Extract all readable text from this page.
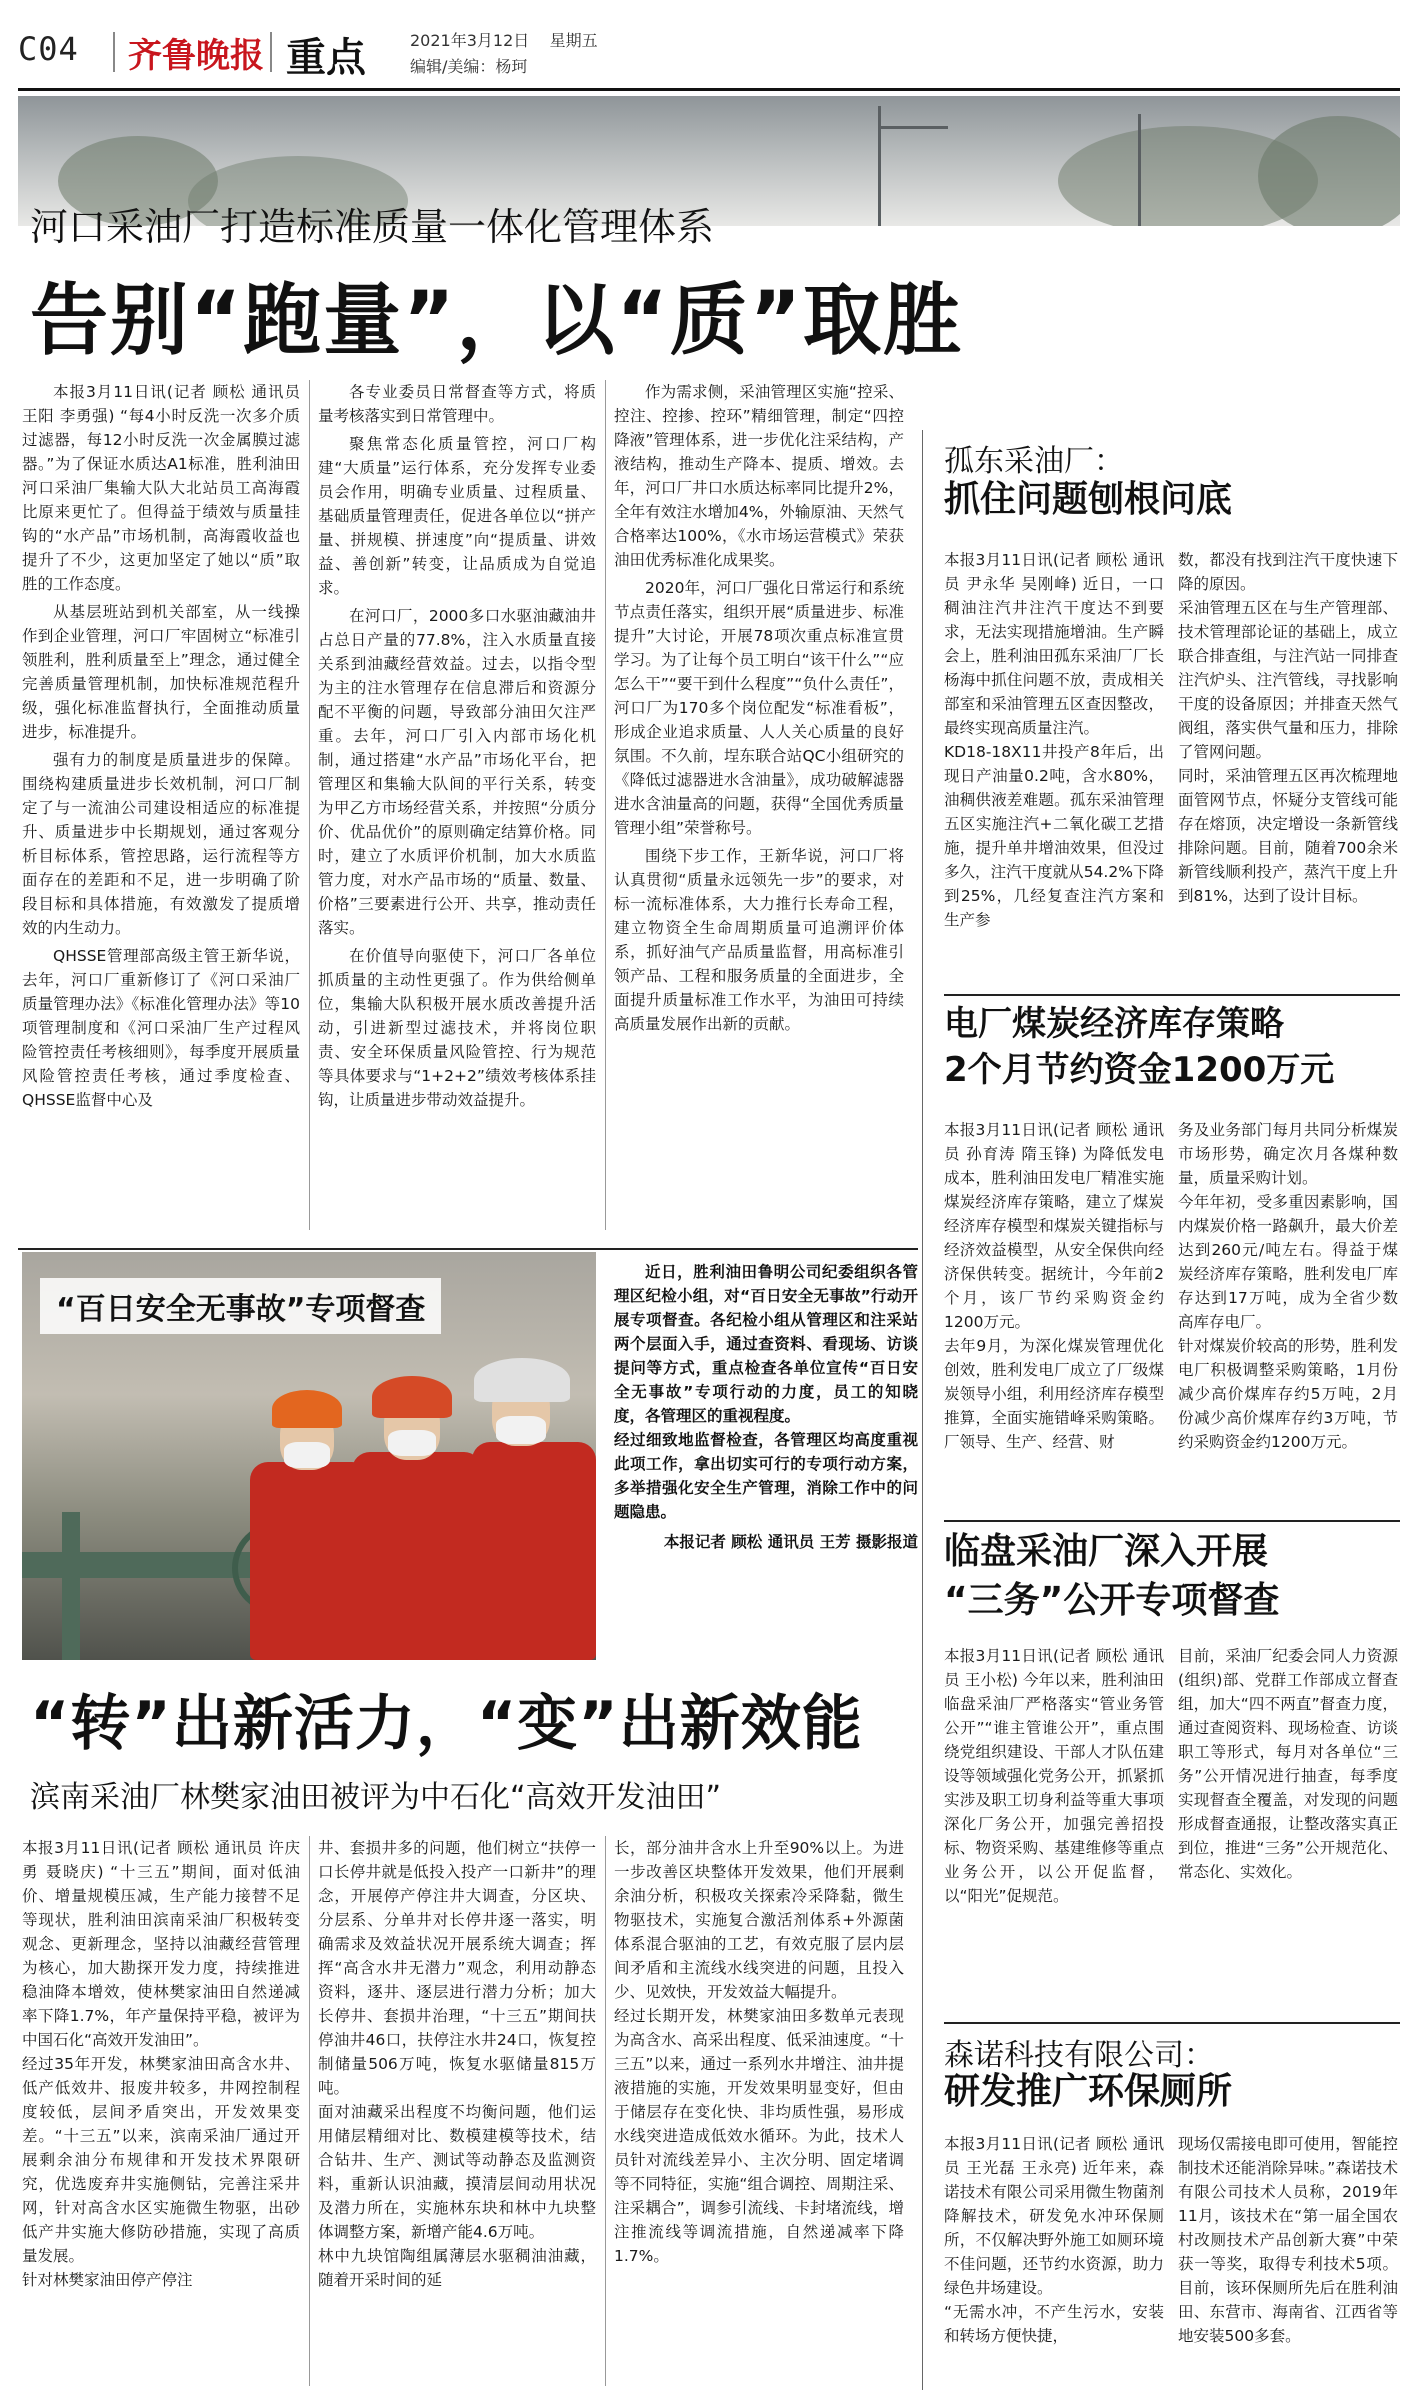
C04 齐鲁晚报 重点	2021年3月12日 星期五
编辑/美编：杨珂
河口采油厂打造标准质量一体化管理体系
告别“跑量”，以“质”取胜

本报3月11日讯(记者 顾松 通讯员 王阳 李勇强) “每4小时反洗一次多介质过滤器，每12小时反洗一次金属膜过滤器。”为了保证水质达A1标准，胜利油田河口采油厂集输大队大北站员工高海霞比原来更忙了。但得益于绩效与质量挂钩的“水产品”市场机制，高海霞收益也提升了不少，这更加坚定了她以“质”取胜的工作态度。

从基层班站到机关部室，从一线操作到企业管理，河口厂牢固树立“标准引领胜利，胜利质量至上”理念，通过健全完善质量管理机制，加快标准规范程升级，强化标准监督执行，全面推动质量进步，标准提升。

强有力的制度是质量进步的保障。围绕构建质量进步长效机制，河口厂制定了与一流油公司建设相适应的标准提升、质量进步中长期规划，通过客观分析目标体系，管控思路，运行流程等方面存在的差距和不足，进一步明确了阶段目标和具体措施，有效激发了提质增效的内生动力。

QHSSE管理部高级主管王新华说，去年，河口厂重新修订了《河口采油厂质量管理办法》《标准化管理办法》等10项管理制度和《河口采油厂生产过程风险管控责任考核细则》，每季度开展质量风险管控责任考核，通过季度检查、QHSSE监督中心及

各专业委员日常督查等方式，将质量考核落实到日常管理中。

聚焦常态化质量管控，河口厂构建“大质量”运行体系，充分发挥专业委员会作用，明确专业质量、过程质量、基础质量管理责任，促进各单位以“拼产量、拼规模、拼速度”向“提质量、讲效益、善创新”转变，让品质成为自觉追求。

在河口厂，2000多口水驱油藏油井占总日产量的77.8%，注入水质量直接关系到油藏经营效益。过去，以指令型为主的注水管理存在信息滞后和资源分配不平衡的问题，导致部分油田欠注严重。去年，河口厂引入内部市场化机制，通过搭建“水产品”市场化平台，把管理区和集输大队间的平行关系，转变为甲乙方市场经营关系，并按照“分质分价、优品优价”的原则确定结算价格。同时，建立了水质评价机制，加大水质监管力度，对水产品市场的“质量、数量、价格”三要素进行公开、共享，推动责任落实。

在价值导向驱使下，河口厂各单位抓质量的主动性更强了。作为供给侧单位，集输大队积极开展水质改善提升活动，引进新型过滤技术，并将岗位职责、安全环保质量风险管控、行为规范等具体要求与“1+2+2”绩效考核体系挂钩，让质量进步带动效益提升。

作为需求侧，采油管理区实施“控采、控注、控掺、控环”精细管理，制定“四控降液”管理体系，进一步优化注采结构，产液结构，推动生产降本、提质、增效。去年，河口厂井口水质达标率同比提升2%，全年有效注水增加4%，外输原油、天然气合格率达100%，《水市场运营模式》荣获油田优秀标准化成果奖。

2020年，河口厂强化日常运行和系统节点责任落实，组织开展“质量进步、标准提升”大讨论，开展78项次重点标准宣贯学习。为了让每个员工明白“该干什么”“应怎么干”“要干到什么程度”“负什么责任”，河口厂为170多个岗位配发“标准看板”，形成企业追求质量、人人关心质量的良好氛围。不久前，埕东联合站QC小组研究的《降低过滤器进水含油量》，成功破解滤器进水含油量高的问题，获得“全国优秀质量管理小组”荣誉称号。

围绕下步工作，王新华说，河口厂将认真贯彻“质量永远领先一步”的要求，对标一流标准体系，大力推行长寿命工程，建立物资全生命周期质量可追溯评价体系，抓好油气产品质量监督，用高标准引领产品、工程和服务质量的全面进步，全面提升质量标准工作水平，为油田可持续高质量发展作出新的贡献。

孤东采油厂：
抓住问题刨根问底
本报3月11日讯(记者 顾松 通讯员 尹永华 吴刚峰) 近日，一口稠油注汽井注汽干度达不到要求，无法实现措施增油。生产瞬会上，胜利油田孤东采油厂厂长杨海中抓住问题不放，责成相关部室和采油管理五区查因整改，最终实现高质量注汽。
KD18-18X11井投产8年后，出现日产油量0.2吨，含水80%，油稠供液差难题。孤东采油管理五区实施注汽+二氧化碳工艺措施，提升单井增油效果，但没过多久，注汽干度就从54.2%下降到25%，几经复查注汽方案和生产参
数，都没有找到注汽干度快速下降的原因。
采油管理五区在与生产管理部、技术管理部论证的基础上，成立联合排查组，与注汽站一同排查注汽炉头、注汽管线，寻找影响干度的设备原因；并排查天然气阀组，落实供气量和压力，排除了管网问题。
同时，采油管理五区再次梳理地面管网节点，怀疑分支管线可能存在熔顶，决定增设一条新管线排除问题。目前，随着700余米新管线顺利投产，蒸汽干度上升到81%，达到了设计目标。
电厂煤炭经济库存策略
2个月节约资金1200万元
本报3月11日讯(记者 顾松 通讯员 孙育涛 隋玉锋) 为降低发电成本，胜利油田发电厂精准实施煤炭经济库存策略，建立了煤炭经济库存模型和煤炭关键指标与经济效益模型，从安全保供向经济保供转变。据统计，今年前2个月，该厂节约采购资金约1200万元。
去年9月，为深化煤炭管理优化创效，胜利发电厂成立了厂级煤炭领导小组，利用经济库存模型推算，全面实施错峰采购策略。厂领导、生产、经营、财
务及业务部门每月共同分析煤炭市场形势，确定次月各煤种数量，质量采购计划。
今年年初，受多重因素影响，国内煤炭价格一路飙升，最大价差达到260元/吨左右。得益于煤炭经济库存策略，胜利发电厂库存达到17万吨，成为全省少数高库存电厂。
针对煤炭价较高的形势，胜利发电厂积极调整采购策略，1月份减少高价煤库存约5万吨，2月份减少高价煤库存约3万吨，节约采购资金约1200万元。
临盘采油厂深入开展
“三务”公开专项督查
本报3月11日讯(记者 顾松 通讯员 王小松) 今年以来，胜利油田临盘采油厂严格落实“管业务管公开”“谁主管谁公开”，重点围绕党组织建设、干部人才队伍建设等领域强化党务公开，抓紧抓实涉及职工切身利益等重大事项深化厂务公开，加强完善招投标、物资采购、基建维修等重点业务公开，以公开促监督，以“阳光”促规范。
目前，采油厂纪委会同人力资源(组织)部、党群工作部成立督查组，加大“四不两直”督查力度，通过查阅资料、现场检查、访谈职工等形式，每月对各单位“三务”公开情况进行抽查，每季度实现督查全覆盖，对发现的问题形成督查通报，让整改落实真正到位，推进“三务”公开规范化、常态化、实效化。
森诺科技有限公司：
研发推广环保厕所
本报3月11日讯(记者 顾松 通讯员 王光磊 王永亮) 近年来，森诺技术有限公司采用微生物菌剂降解技术，研发免水冲环保厕所，不仅解决野外施工如厕环境不佳问题，还节约水资源，助力绿色井场建设。
“无需水冲，不产生污水，安装和转场方便快捷，
现场仅需接电即可使用，智能控制技术还能消除异味。”森诺技术有限公司技术人员称，2019年11月，该技术在“第一届全国农村改厕技术产品创新大赛”中荣获一等奖，取得专利技术5项。目前，该环保厕所先后在胜利油田、东营市、海南省、江西省等地安装500多套。
“百日安全无事故”专项督查

近日，胜利油田鲁明公司纪委组织各管理区纪检小组，对“百日安全无事故”行动开展专项督查。各纪检小组从管理区和注采站两个层面入手，通过查资料、看现场、访谈提问等方式，重点检查各单位宣传“百日安全无事故”专项行动的力度，员工的知晓度，各管理区的重视程度。
经过细致地监督检查，各管理区均高度重视此项工作，拿出切实可行的专项行动方案，多举措强化安全生产管理，消除工作中的问题隐患。

本报记者 顾松 通讯员 王芳 摄影报道
“转”出新活力，“变”出新效能
滨南采油厂林樊家油田被评为中石化“高效开发油田”
本报3月11日讯(记者 顾松 通讯员 许庆勇 聂晓庆) “十三五”期间，面对低油价、增量规模压减，生产能力接替不足等现状，胜利油田滨南采油厂积极转变观念、更新理念，坚持以油藏经营管理为核心，加大勘探开发力度，持续推进稳油降本增效，使林樊家油田自然递减率下降1.7%，年产量保持平稳，被评为中国石化“高效开发油田”。
经过35年开发，林樊家油田高含水井、低产低效井、报废井较多，井网控制程度较低，层间矛盾突出，开发效果变差。“十三五”以来，滨南采油厂通过开展剩余油分布规律和开发技术界限研究，优选废弃井实施侧钻，完善注采井网，针对高含水区实施微生物驱，出砂低产井实施大修防砂措施，实现了高质量发展。
针对林樊家油田停产停注
井、套损井多的问题，他们树立“扶停一口长停井就是低投入投产一口新井”的理念，开展停产停注井大调查，分区块、分层系、分单井对长停井逐一落实，明确需求及效益状况开展系统大调查；挥挥“高含水井无潜力”观念，利用动静态资料，逐井、逐层进行潜力分析；加大长停井、套损井治理，“十三五”期间扶停油井46口，扶停注水井24口，恢复控制储量506万吨，恢复水驱储量815万吨。
面对油藏采出程度不均衡问题，他们运用储层精细对比、数模建模等技术，结合钻井、生产、测试等动静态及监测资料，重新认识油藏，摸清层间动用状况及潜力所在，实施林东块和林中九块整体调整方案，新增产能4.6万吨。
林中九块馆陶组属薄层水驱稠油油藏，随着开采时间的延
长，部分油井含水上升至90%以上。为进一步改善区块整体开发效果，他们开展剩余油分析，积极攻关探索冷采降黏，微生物驱技术，实施复合激活剂体系+外源菌体系混合驱油的工艺，有效克服了层内层间矛盾和主流线水线突进的问题，且投入少、见效快，开发效益大幅提升。
经过长期开发，林樊家油田多数单元表现为高含水、高采出程度、低采油速度。“十三五”以来，通过一系列水井增注、油井提液措施的实施，开发效果明显变好，但由于储层存在变化快、非均质性强，易形成水线突进造成低效水循环。为此，技术人员针对流线差异小、主次分明、固定堵调等不同特征，实施“组合调控、周期注采、注采耦合”，调参引流线、卡封堵流线，增注推流线等调流措施，自然递减率下降1.7%。
